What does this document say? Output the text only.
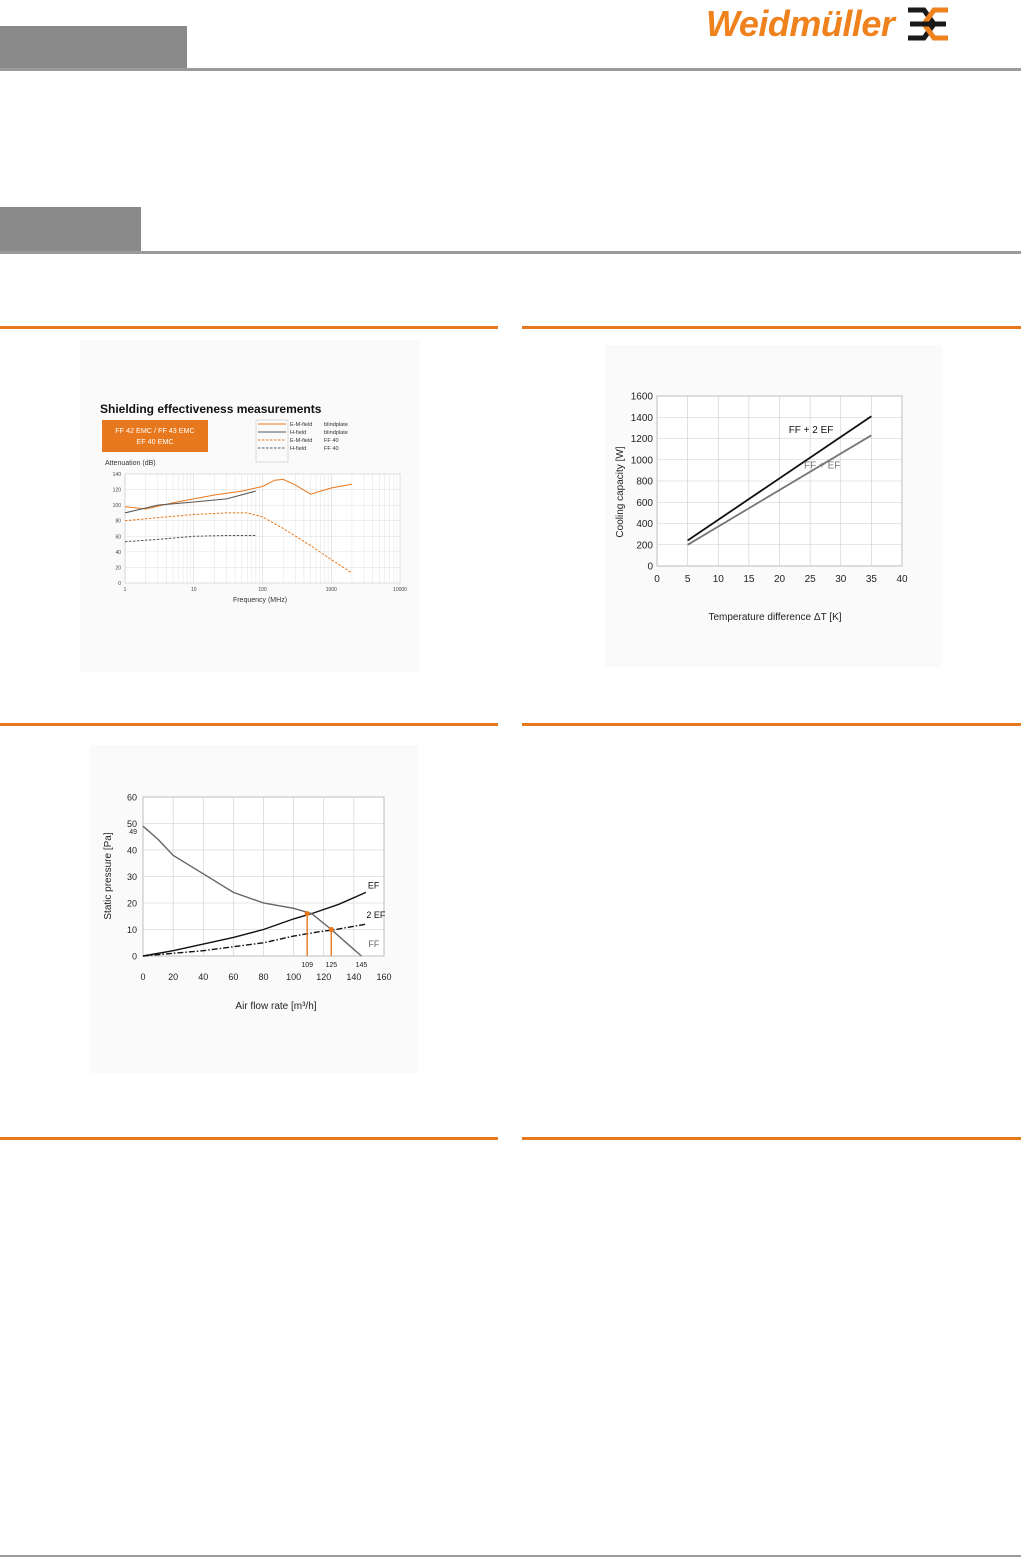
Weidmüller
Shielding effectiveness measurements
FF 42 EMC / FF 43 EMC
EF 40 EMC
E-M-field blindplate
H-field	blindplate
E-M-field FF 40
H-field	FF 40
Attenuation (dB)
0
20
40
60
80
100
120
140
1	10	100	1000	10000
Frequency (MHz)
0	5 10 15 20 25 30 35 40
0
200
400
600
800
1000
1200
1400
1600
FF + 2 EF
FF + EF
Temperature difference ΔT [K]
Cooling capacity [W]
0	20 40 60 80 100 120 140 160
0
10
20
30
40
50
60
49
EF
2 EF
FF
109 125	145
Air flow rate [m³/h]
Static pressure [Pa]
